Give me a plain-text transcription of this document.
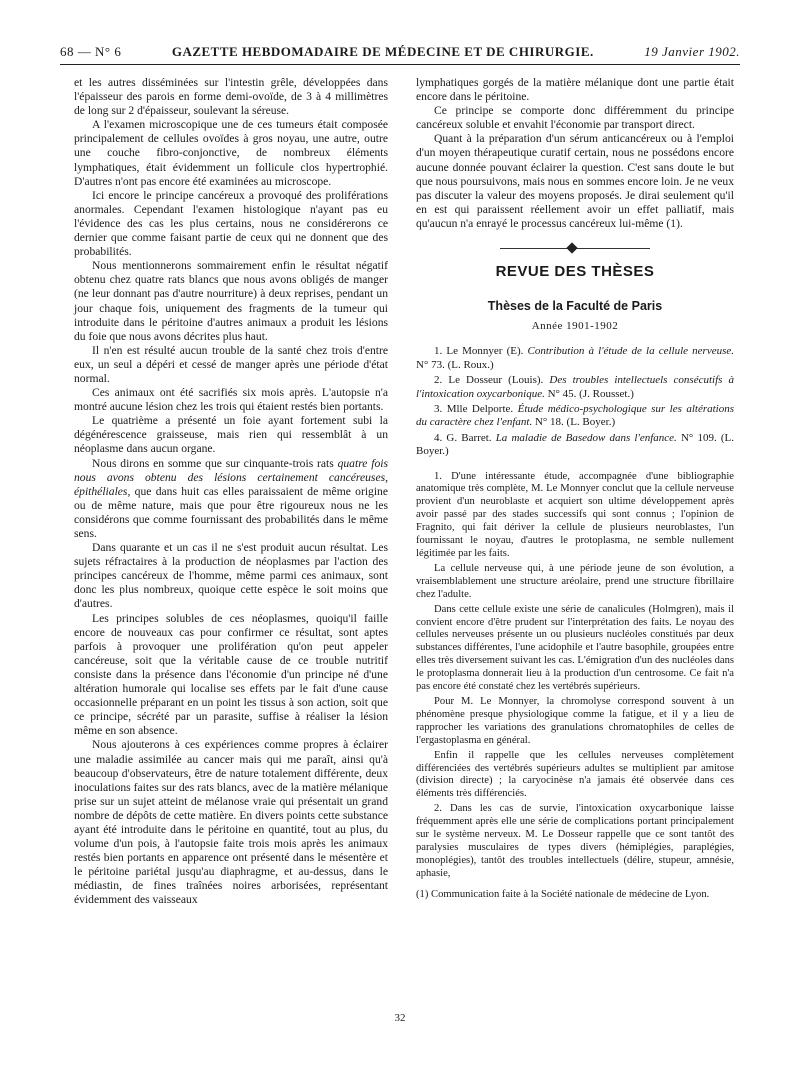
68 — N° 6	GAZETTE HEBDOMADAIRE DE MÉDECINE ET DE CHIRURGIE.	19 Janvier 1902.

et les autres disséminées sur l'intestin grêle, développées dans l'épaisseur des parois en forme demi-ovoïde, de 3 à 4 millimètres de long sur 2 d'épaisseur, soulevant la séreuse.

A l'examen microscopique une de ces tumeurs était composée principalement de cellules ovoïdes à gros noyau, une autre, outre une couche fibro-conjonctive, de nombreux éléments lymphatiques, était évidemment un follicule clos hypertrophié. D'autres n'ont pas encore été examinées au microscope.

Ici encore le principe cancéreux a provoqué des proliférations anormales. Cependant l'examen histologique n'ayant pas eu l'évidence des cas les plus certains, nous ne considérerons ce dernier que comme faisant partie de ceux qui ne donnent que des probabilités.

Nous mentionnerons sommairement enfin le résultat négatif obtenu chez quatre rats blancs que nous avons obligés de manger (ne leur donnant pas d'autre nourriture) à deux reprises, pendant un jour chaque fois, uniquement des fragments de la tumeur qui introduite dans le péritoine d'autres animaux a produit les lésions du foie que nous avons décrites plus haut.

Il n'en est résulté aucun trouble de la santé chez trois d'entre eux, un seul a dépéri et cessé de manger après une période d'état normal.

Ces animaux ont été sacrifiés six mois après. L'autopsie n'a montré aucune lésion chez les trois qui étaient restés bien portants.

Le quatrième a présenté un foie ayant fortement subi la dégénérescence graisseuse, mais rien qui ressemblât à un néoplasme dans aucun organe.

Nous dirons en somme que sur cinquante-trois rats quatre fois nous avons obtenu des lésions certainement cancéreuses, épithéliales, que dans huit cas elles paraissaient de même origine ou de même nature, mais que pour être rigoureux nous ne les considérons que comme fournissant des probabilités dans le même sens.

Dans quarante et un cas il ne s'est produit aucun résultat. Les sujets réfractaires à la production de néoplasmes par l'action des principes cancéreux de l'homme, même parmi ces animaux, sont donc les plus nombreux, quoique cette espèce le soit moins que d'autres.

Les principes solubles de ces néoplasmes, quoiqu'il faille encore de nouveaux cas pour confirmer ce résultat, sont aptes parfois à provoquer une prolifération qu'on peut appeler cancéreuse, soit que la véritable cause de ce trouble nutritif consiste dans la présence dans l'économie d'un principe né d'une altération humorale qui localise ses effets par le fait d'une cause occasionnelle préparant en un point les tissus à son action, soit que ce principe, sécrété par un parasite, suffise à réaliser la lésion même en son absence.

Nous ajouterons à ces expériences comme propres à éclairer une maladie assimilée au cancer mais qui me paraît, ainsi qu'à beaucoup d'observateurs, être de nature totalement différente, deux inoculations faites sur des rats blancs, avec de la matière mélanique prise sur un sujet atteint de mélanose vraie qui présentait un grand nombre de dépôts de cette matière. En divers points cette substance ayant été introduite dans le péritoine en quantité, tout au plus, du volume d'un pois, à l'autopsie faite trois mois après les animaux restés bien portants en apparence ont présenté dans le mésentère et le péritoine pariétal jusqu'au diaphragme, et au-dessus, dans le médiastin, de fines traînées noires arborisées, représentant évidemment des vaisseaux

lymphatiques gorgés de la matière mélanique dont une partie était encore dans le péritoine.

Ce principe se comporte donc différemment du principe cancéreux soluble et envahit l'économie par transport direct.

Quant à la préparation d'un sérum anticancéreux ou à l'emploi d'un moyen thérapeutique curatif certain, nous ne possédons encore aucune donnée pouvant éclairer la question. C'est sans doute le but que nous poursuivons, mais nous en sommes encore loin. Je ne veux pas discuter la valeur des moyens proposés. Je dirai seulement qu'il en est qui paraissent réellement avoir un effet palliatif, mais qu'aucun n'a enrayé le processus cancéreux lui-même (1).

REVUE DES THÈSES
Thèses de la Faculté de Paris
Année 1901-1902

1. Le Monnyer (E). Contribution à l'étude de la cellule nerveuse. N° 73. (L. Roux.)

2. Le Dosseur (Louis). Des troubles intellectuels consécutifs à l'intoxication oxycarbonique. N° 45. (J. Rousset.)

3. Mlle Delporte. Étude médico-psychologique sur les altérations du caractère chez l'enfant. N° 18. (L. Boyer.)

4. G. Barret. La maladie de Basedow dans l'enfance. N° 109. (L. Boyer.)

1. D'une intéressante étude, accompagnée d'une bibliographie anatomique très complète, M. Le Monnyer conclut que la cellule nerveuse provient d'un neuroblaste et acquiert son ultime développement après avoir passé par des stades successifs qui sont connus ; l'opinion de Fragnito, qui fait dériver la cellule de plusieurs neuroblastes, l'un fournissant le noyau, d'autres le protoplasma, ne semble nullement légitimée par les faits.

La cellule nerveuse qui, à une période jeune de son évolution, a vraisemblablement une structure aréolaire, prend une structure fibrillaire chez l'adulte.

Dans cette cellule existe une série de canalicules (Holmgren), mais il convient encore d'être prudent sur l'interprétation des faits. Le noyau des cellules nerveuses présente un ou plusieurs nucléoles constitués par deux substances différentes, l'une acidophile et l'autre basophile, groupées entre elles très diversement suivant les cas. L'émigration d'un des nucléoles dans le protoplasma donnerait lieu à la production d'un centrosome. Ce fait n'a pas encore été constaté chez les vertébrés supérieurs.

Pour M. Le Monnyer, la chromolyse correspond souvent à un phénomène presque physiologique comme la fatigue, et il y a lieu de rapprocher les variations des granulations chromatophiles de celles de l'ergastoplasma en général.

Enfin il rappelle que les cellules nerveuses complètement différenciées des vertébrés supérieurs adultes se multiplient par amitose (division directe) ; la caryocinèse n'a jamais été observée dans ces éléments très différenciés.

2. Dans les cas de survie, l'intoxication oxycarbonique laisse fréquemment après elle une série de complications portant principalement sur le système nerveux. M. Le Dosseur rappelle que ce sont tantôt des paralysies musculaires de types divers (hémiplégies, paraplégies, monoplégies), tantôt des troubles intellectuels (délire, stupeur, amnésie, aphasie,

(1) Communication faite à la Société nationale de médecine de Lyon.
32
